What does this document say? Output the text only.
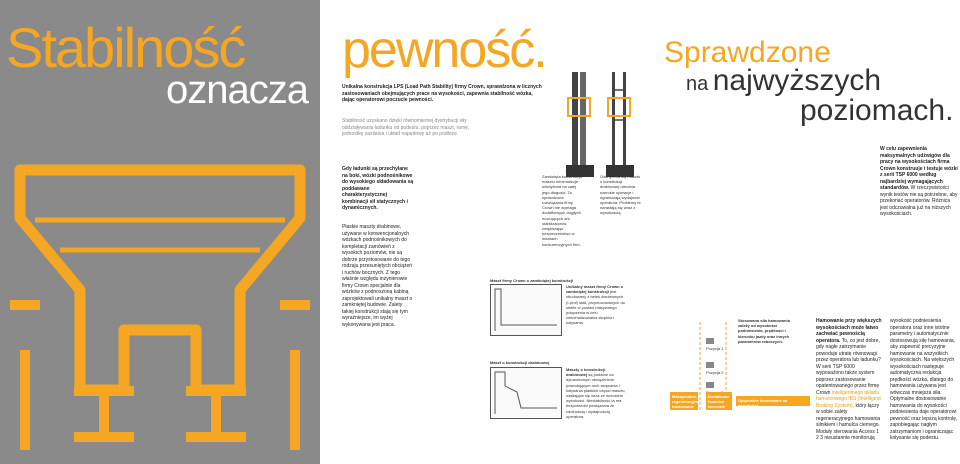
Stabilność
oznacza
pewność.
Unikalna konstrukcja LPS (Load Path Stability) firmy Crown, sprawdzona w licznych zastosowaniach obejmujących prace na wysokości, zapewnia stabilność wózka, dając operatorowi poczucie pewności.
Stabilność uzyskano dzięki równomiernej dystrybucji siły oddziaływania ładunku od podestu, poprzez maszt, ramę, jednostkę zasilania i układ napędowy aż po podłoże.
Gdy ładunki są przechylane na boki, wózki podnośnikowe do wysokiego składowania są poddawane charakterystycznej kombinacji sił statycznych i dynamicznych.
Płaskie maszty drabinowe, używane w konwencjonalnych wózkach podnośnikowych do kompletacji zamówień z wysokich poziomów, nie są dobrze przystosowane do tego rodzaju przesuniętych obciążeń i ruchów bocznych. Z tego właśnie względu inżynierowie firmy Crown specjalnie dla wózków z podnoszoną kabiną zaprojektowali unikalny maszt o zamkniętej budowie. Zalety takiej konstrukcji stają się tym wyraźniejsze, im wyżej wykonywana jest praca.
Zamknięta konstrukcja masztu minimalizuje odchylenia na całej jego długości. Ta sprawdzona rozwiązania firmy Crown nie wymaga dodatkowych ciągłych mocujących ani stabilizatorów, zwiększając bezpieczeństwo w wózkach konkurencyjnych firm.
Odchylenia się masztu o konstrukcji drabinowej utrudnia szerokie operacje i ograniczają wydajność operatora. Problemy te narastają się wraz z wysokością.
Maszt firmy Crown o zamkniętej konstrukcji
Unikalny maszt firmy Crown o zamkniętej konstrukcji jest zbudowany z belek dwuteowych (I-prof) stali, przymocowanych do siebie w postaci masywnego połączenia w celu zminimalizowania skrętów i kołysania.
Maszt o konstrukcji drabinowej
Maszty o konstrukcji drabinowej są podatne na dynamicznym obciążeniom powodującym ruch skręcania i kołysania płaskich części masztu, nasilające się wraz ze wzrostem wysokości. Niestabilność ta ma bezpośredni powiązania ze zdolnością i wydajnością operatora.
Sprawdzone
na najwyższych
poziomach.
W celu zapewnienia maksymalnych udźwigów dla pracy na wysokościach firma Crown konstruuje i testuje wózki z serii TSP 6000 według najbardziej wymagających standardów. W rzeczywistości wynik testów nie są potrzebne, aby przekonać operatorów. Różnica jest odczuwalna już na niższych wysokościach.
Stosowana siła hamowania zależy od wysokości podniesienia, prędkości i kierunku jazdy oraz innych parametrów roboczych.
Pozycja 1
Pozycja 2
Maksymalne, regeneracyjne hamowanie silnikiem
Dodatkowe hamulce tarczowe
Optymalne hamowanie na wysokości
Hamowanie przy większych wysokościach może łatwo zachwiać pewnością operatora. To, co jest dobre, gdy nagłe zatrzymanie powoduje utratę równowagi przez operatora lub ładunku? W serii TSP 6000 wyposażono także system poprzez zastosowanie opatentowanego przez firmę Crown inteligentnego układu hamulcowego IBS (Intelligent Braking System), który łączy w sobie zalety regeneracyjnego hamowania silnikiem i hamulca ciernego. Moduły sterowania Access 1 2 3 nieustannie monitorują
wysokość podniesienia operatora oraz inne istotne parametry i automatycznie dostosowują siłę hamowania, aby zapewnić precyzyjne hamowanie na wszystkich wysokościach. Na większych wysokościach następuje automatyczna redukcja prędkości wózka, dlatego do hamowania używana jest wówczas mniejsza siła. Optymalne dostosowanie hamowania do wysokości podniesienia daje operatorowi pewność oraz lepszą kontrolę, zapobiegając nagłym zatrzymaniom i ograniczając kołysanie się podestu.
